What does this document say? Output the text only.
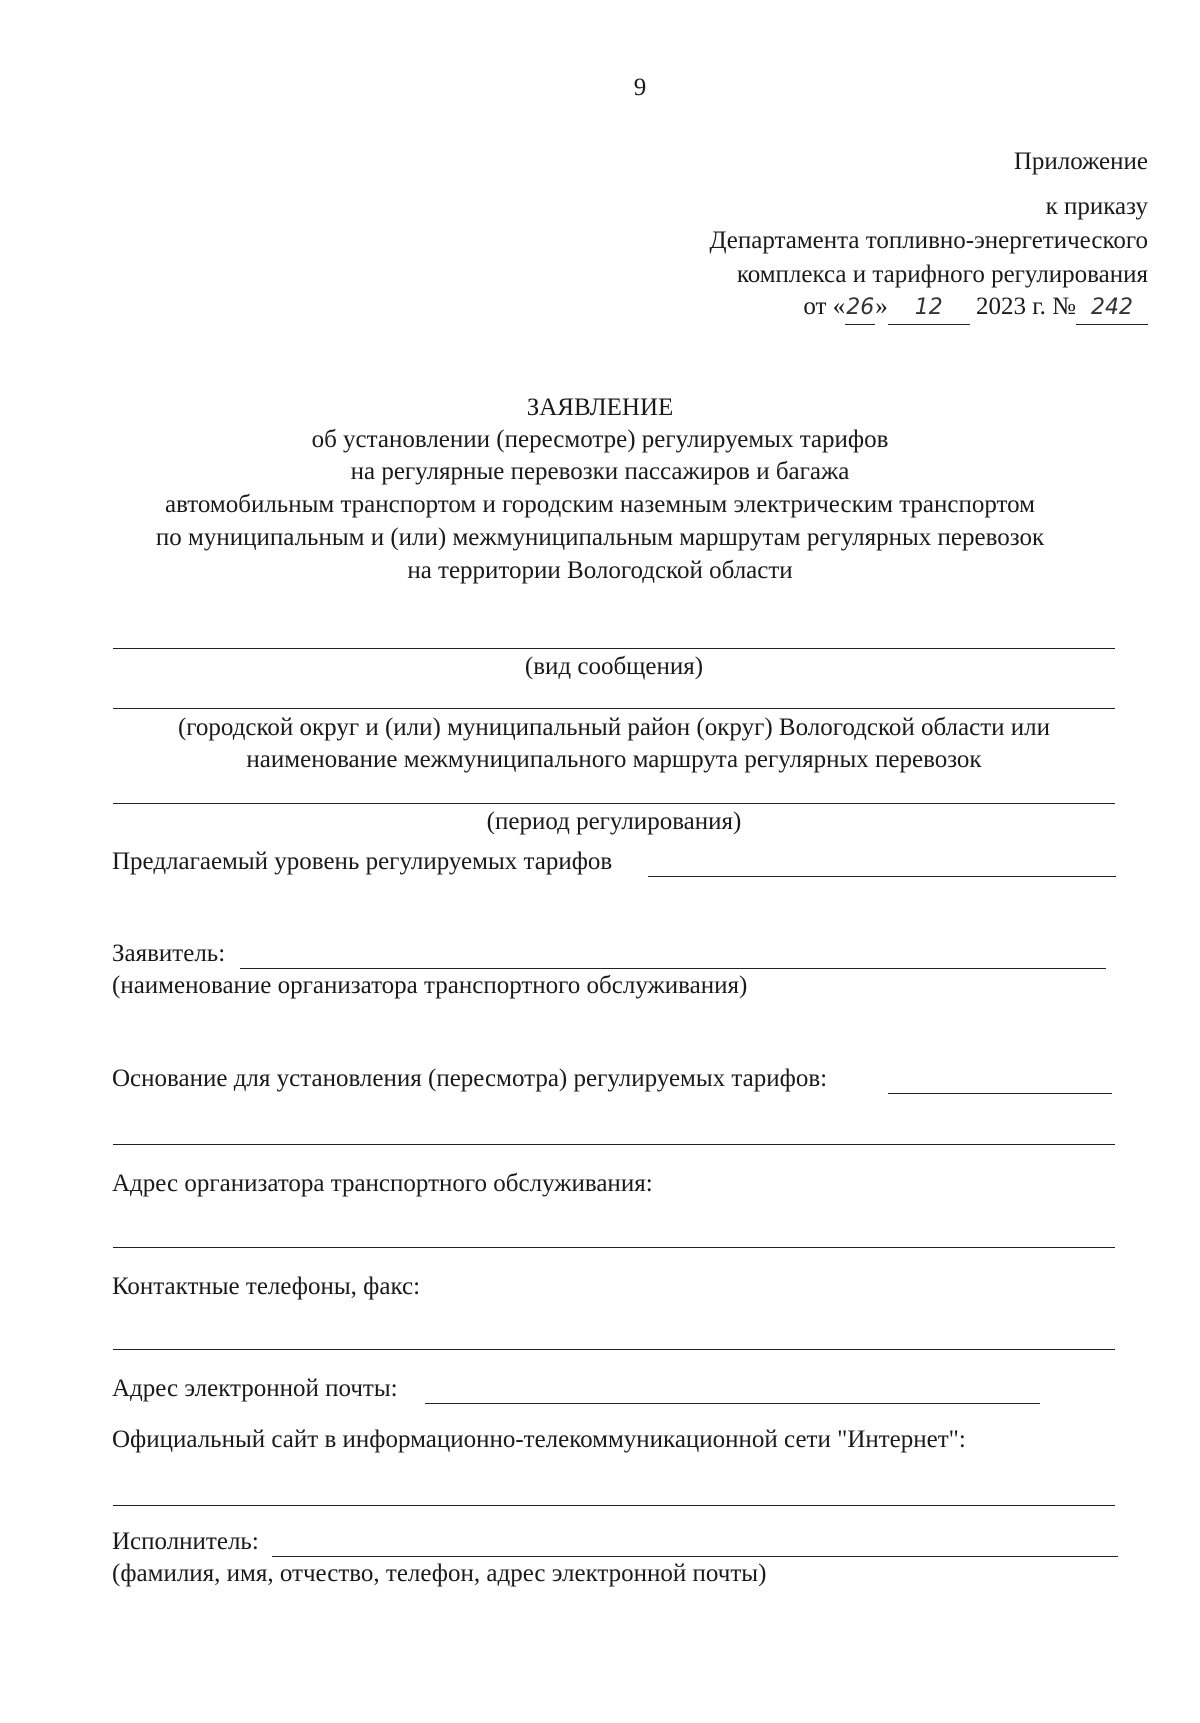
9
Приложение
к приказу
Департамента топливно-энергетического
комплекса и тарифного регулирования
от «26» 12 2023 г. № 242
ЗАЯВЛЕНИЕ
об установлении (пересмотре) регулируемых тарифов
на регулярные перевозки пассажиров и багажа
автомобильным транспортом и городским наземным электрическим транспортом
по муниципальным и (или) межмуниципальным маршрутам регулярных перевозок
на территории Вологодской области
(вид сообщения)
(городской округ и (или) муниципальный район (округ) Вологодской области или
наименование межмуниципального маршрута регулярных перевозок
(период регулирования)
Предлагаемый уровень регулируемых тарифов
Заявитель:
(наименование организатора транспортного обслуживания)
Основание для установления (пересмотра) регулируемых тарифов:
Адрес организатора транспортного обслуживания:
Контактные телефоны, факс:
Адрес электронной почты:
Официальный сайт в информационно-телекоммуникационной сети "Интернет":
Исполнитель:
(фамилия, имя, отчество, телефон, адрес электронной почты)
